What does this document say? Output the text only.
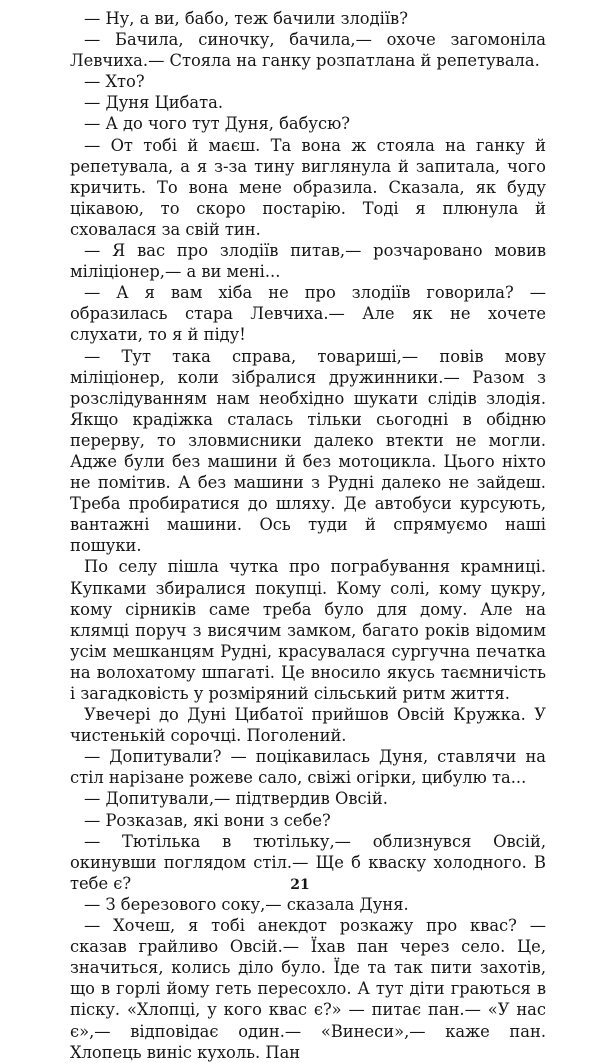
— Ну, а ви, бабо, теж бачили злодіїв?

— Бачила, синочку, бачила,— охоче загомоніла Левчиха.— Стояла на ганку розпатлана й репетувала.

— Хто?

— Дуня Цибата.

— А до чого тут Дуня, бабусю?

— От тобі й маєш. Та вона ж стояла на ганку й репетувала, а я з-за тину виглянула й запитала, чого кричить. То вона мене образила. Сказала, як буду цікавою, то скоро постарію. Тоді я плюнула й сховалася за свій тин.

— Я вас про злодіїв питав,— розчаровано мовив міліціонер,— а ви мені...

— А я вам хіба не про злодіїв говорила? — образилась стара Левчиха.— Але як не хочете слухати, то я й піду!

— Тут така справа, товариші,— повів мову міліціонер, коли зібралися дружинники.— Разом з розслідуванням нам необхідно шукати слідів злодія. Якщо крадіжка сталась тільки сьогодні в обідню перерву, то зловмисники далеко втекти не могли. Адже були без машини й без мотоцикла. Цього ніхто не помітив. А без машини з Рудні далеко не зайдеш. Треба пробиратися до шляху. Де автобуси курсують, вантажні машини. Ось туди й спрямуємо наші пошуки.

По селу пішла чутка про пограбування крамниці. Купками збиралися покупці. Кому солі, кому цукру, кому сірників саме треба було для дому. Але на клямці поруч з висячим замком, багато років відомим усім мешканцям Рудні, красувалася сургучна печатка на волохатому шпагаті. Це вносило якусь таємничість і загадковість у розміряний сільський ритм життя.

Увечері до Дуні Цибатої прийшов Овсій Кружка. У чистенькій сорочці. Поголений.

— Допитували? — поцікавилась Дуня, ставлячи на стіл нарізане рожеве сало, свіжі огірки, цибулю та...

— Допитували,— підтвердив Овсій.

— Розказав, які вони з себе?

— Тютілька в тютільку,— облизнувся Овсій, окинувши поглядом стіл.— Ще б кваску холодного. В тебе є?

— З березового соку,— сказала Дуня.

— Хочеш, я тобі анекдот розкажу про квас? — сказав грайливо Овсій.— Їхав пан через село. Це, значиться, колись діло було. Їде та так пити захотів, що в горлі йому геть пересохло. А тут діти граються в піску. «Хлопці, у кого квас є?» — питає пан.— «У нас є»,— відповідає один.— «Винеси»,— каже пан. Хлопець виніс кухоль. Пан

21
